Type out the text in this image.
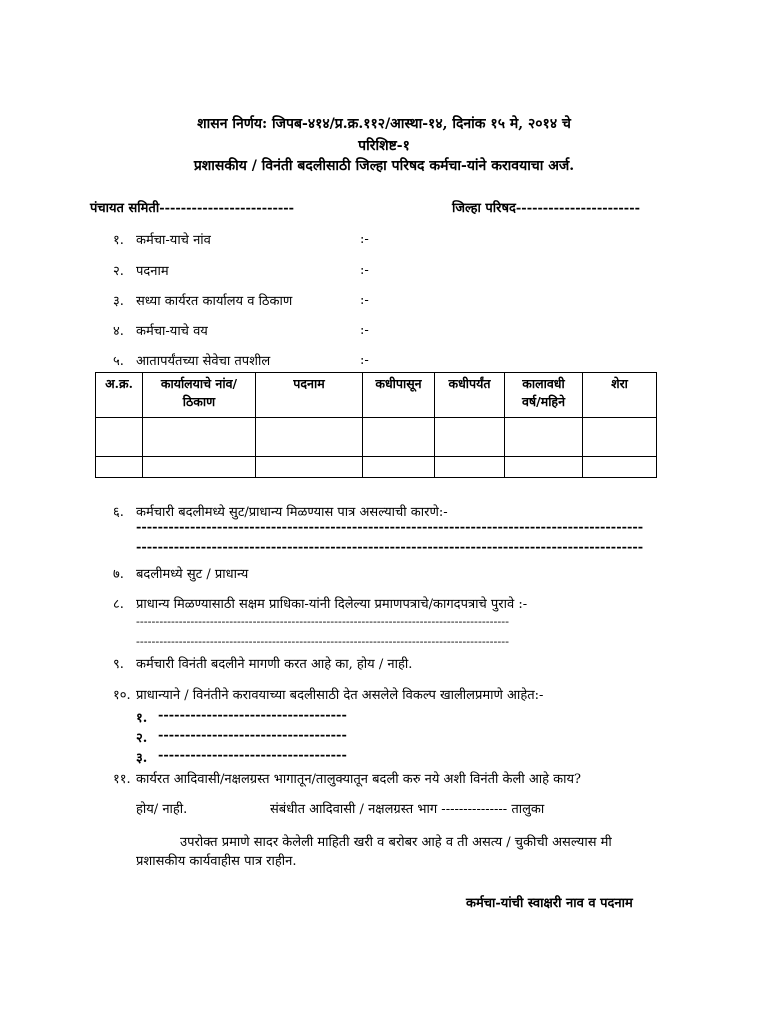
शासन निर्णय: जिपब-४१४/प्र.क्र.११२/आस्था-१४, दिनांक १५ मे, २०१४ चे
परिशिष्ट-१
प्रशासकीय / विनंती बदलीसाठी जिल्हा परिषद कर्मचा-यांने करावयाचा अर्ज.
पंचायत समिती-------------------------	जिल्हा परिषद-----------------------
१. कर्मचा-याचे नांव	:-
२. पदनाम	:-
३. सध्या कार्यरत कार्यालय व ठिकाण	:-
४. कर्मचा-याचे वय	:-
५. आतापर्यंतच्या सेवेचा तपशील	:-
अ.क्र.	कार्यालयाचे नांव/ठिकाण	पदनाम	कधीपासून	कधीपर्यंत	कालावधी वर्ष/महिने	शेरा

६. कर्मचारी बदलीमध्ये सुट/प्राधान्य मिळण्यास पात्र असल्याची कारणे:-
----------------------------------------------------------------------------------------------
----------------------------------------------------------------------------------------------
७. बदलीमध्ये सुट / प्राधान्य
८. प्राधान्य मिळण्यासाठी सक्षम प्राधिका-यांनी दिलेल्या प्रमाणपत्राचे/कागदपत्राचे पुरावे :-
------------------------------------------------------------------------------------------------
------------------------------------------------------------------------------------------------
९. कर्मचारी विनंती बदलीने मागणी करत आहे का, होय / नाही.
१०. प्राधान्याने / विनंतीने करावयाच्या बदलीसाठी देत असलेले विकल्प खालीलप्रमाणे आहेत:-
१. -----------------------------------
२. -----------------------------------
३. -----------------------------------
११. कार्यरत आदिवासी/नक्षलग्रस्त भागातून/तालुक्यातून बदली करु नये अशी विनंती केली आहे काय?
होय/ नाही.	संबंधीत आदिवासी / नक्षलग्रस्त भाग --------------- तालुका
उपरोक्त प्रमाणे सादर केलेली माहिती खरी व बरोबर आहे व ती असत्य / चुकीची असल्यास मी
प्रशासकीय कार्यवाहीस पात्र राहीन.
कर्मचा-यांची स्वाक्षरी नाव व पदनाम
